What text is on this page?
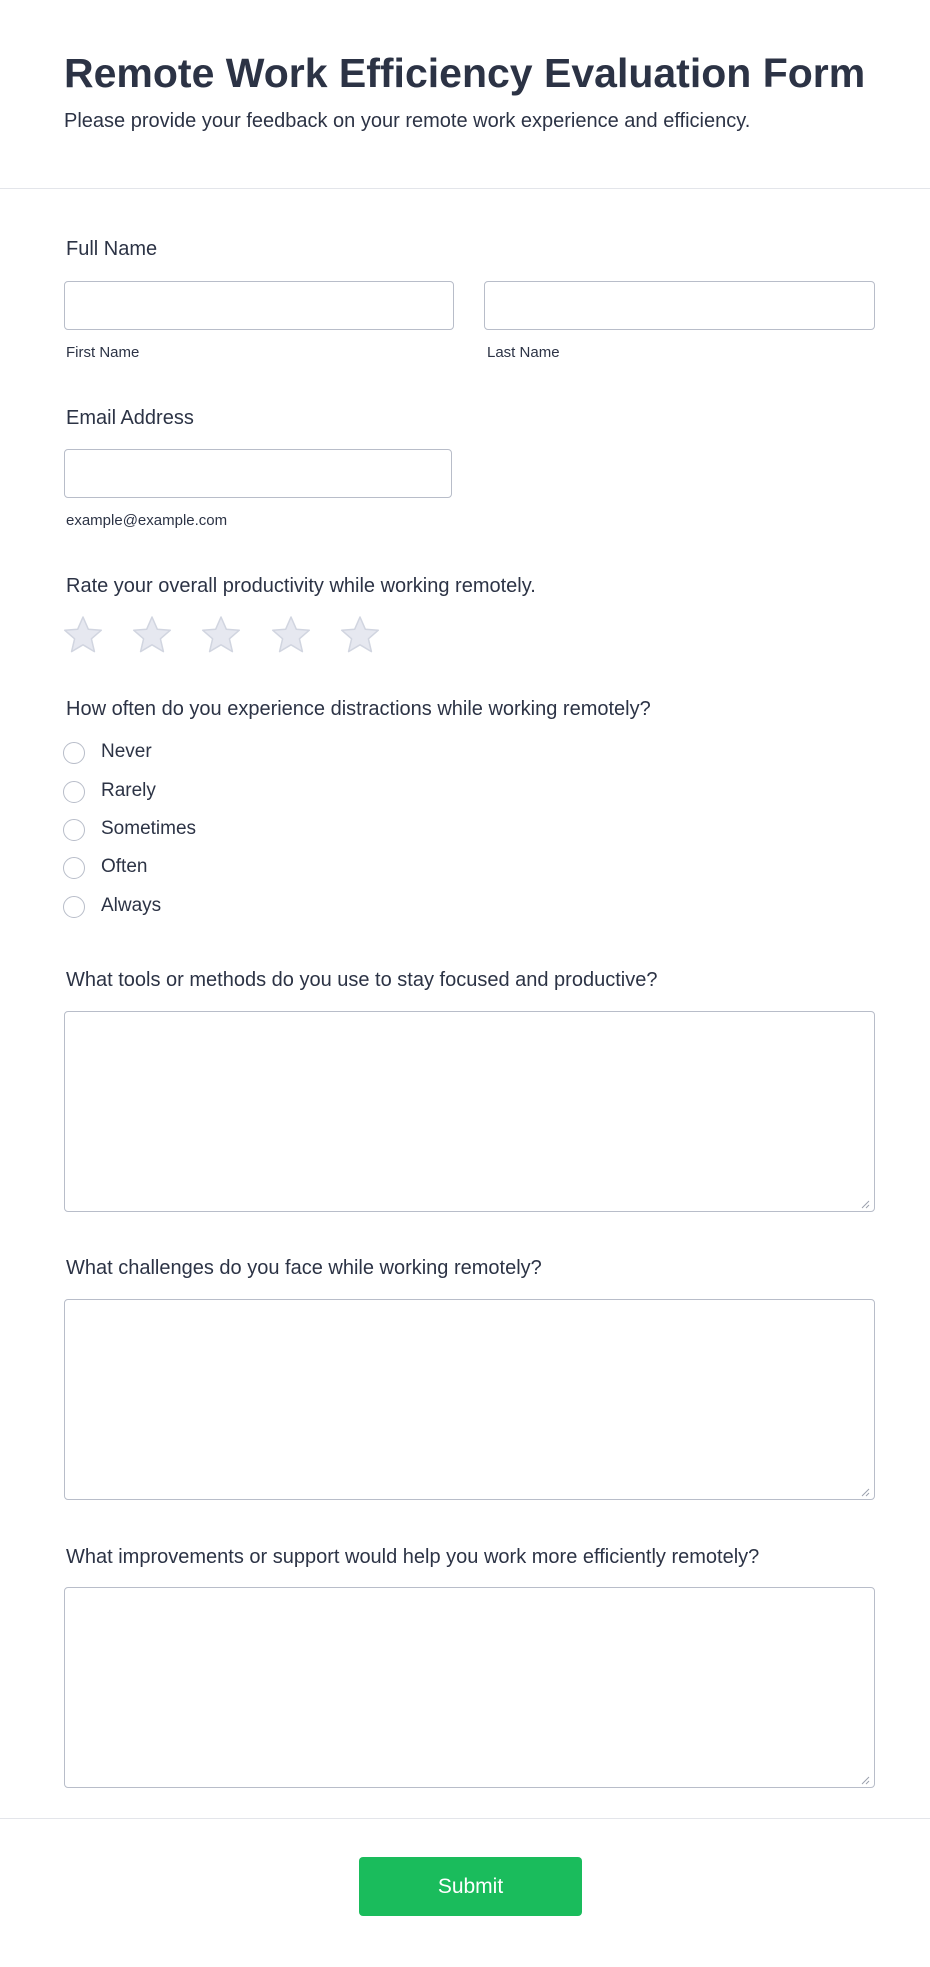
Remote Work Efficiency Evaluation Form
Please provide your feedback on your remote work experience and efficiency.
Full Name
First Name	Last Name
Email Address
example@example.com
Rate your overall productivity while working remotely.
How often do you experience distractions while working remotely?
Never
Rarely
Sometimes
Often
Always
What tools or methods do you use to stay focused and productive?
What challenges do you face while working remotely?
What improvements or support would help you work more efficiently remotely?
Submit
